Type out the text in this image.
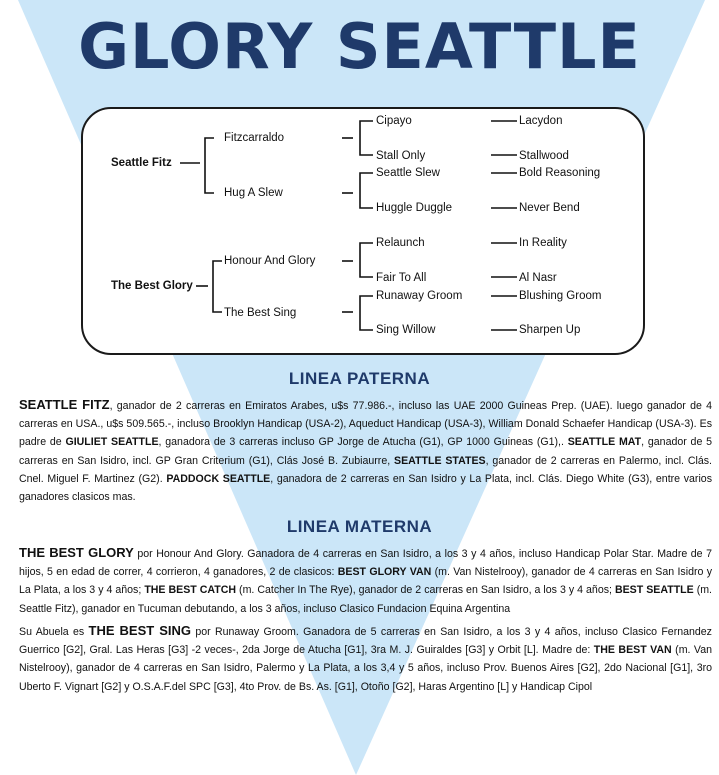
GLORY SEATTLE
Seattle Fitz
The Best Glory
Fitzcarraldo
Hug A Slew
Honour And Glory
The Best Sing
Cipayo
Stall Only
Seattle Slew
Huggle Duggle
Relaunch
Fair To All
Runaway Groom
Sing Willow
Lacydon
Stallwood
Bold Reasoning
Never Bend
In Reality
Al Nasr
Blushing Groom
Sharpen Up
LINEA PATERNA
SEATTLE FITZ, ganador de 2 carreras en Emiratos Arabes, u$s 77.986.-, incluso las UAE 2000 Guineas Prep. (UAE). luego ganador de 4 carreras en USA., u$s 509.565.-, incluso Brooklyn Handicap (USA-2), Aqueduct Handicap (USA-3), William Donald Schaefer Handicap (USA-3). Es padre de GIULIET SEATTLE, ganadora de 3 carreras incluso GP Jorge de Atucha (G1), GP 1000 Guineas (G1),. SEATTLE MAT, ganador de 5 carreras en San Isidro, incl. GP Gran Criterium (G1), Clás José B. Zubiaurre, SEATTLE STATES, ganador de 2 carreras en Palermo, incl. Clás. Cnel. Miguel F. Martinez (G2). PADDOCK SEATTLE, ganadora de 2 carreras en San Isidro y La Plata, incl. Clás. Diego White (G3), entre varios ganadores clasicos mas.
LINEA MATERNA
THE BEST GLORY por Honour And Glory. Ganadora de 4 carreras en San Isidro, a los 3 y 4 años, incluso Handicap Polar Star. Madre de 7 hijos, 5 en edad de correr, 4 corrieron, 4 ganadores, 2 de clasicos: BEST GLORY VAN (m. Van Nistelrooy), ganador de 4 carreras en San Isidro y La Plata, a los 3 y 4 años; THE BEST CATCH (m. Catcher In The Rye), ganador de 2 carreras en San Isidro, a los 3 y 4 años; BEST SEATTLE (m. Seattle Fitz), ganador en Tucuman debutando, a los 3 años, incluso Clasico Fundacion Equina Argentina
Su Abuela es THE BEST SING por Runaway Groom. Ganadora de 5 carreras en San Isidro, a los 3 y 4 años, incluso Clasico Fernandez Guerrico [G2], Gral. Las Heras [G3] -2 veces-, 2da Jorge de Atucha [G1], 3ra M. J. Guiraldes [G3] y Orbit [L]. Madre de: THE BEST VAN (m. Van Nistelrooy), ganador de 4 carreras en San Isidro, Palermo y La Plata, a los 3,4 y 5 años, incluso Prov. Buenos Aires [G2], 2do Nacional [G1], 3ro Uberto F. Vignart [G2] y O.S.A.F.del SPC [G3], 4to Prov. de Bs. As. [G1], Otoño [G2], Haras Argentino [L] y Handicap Cipol
